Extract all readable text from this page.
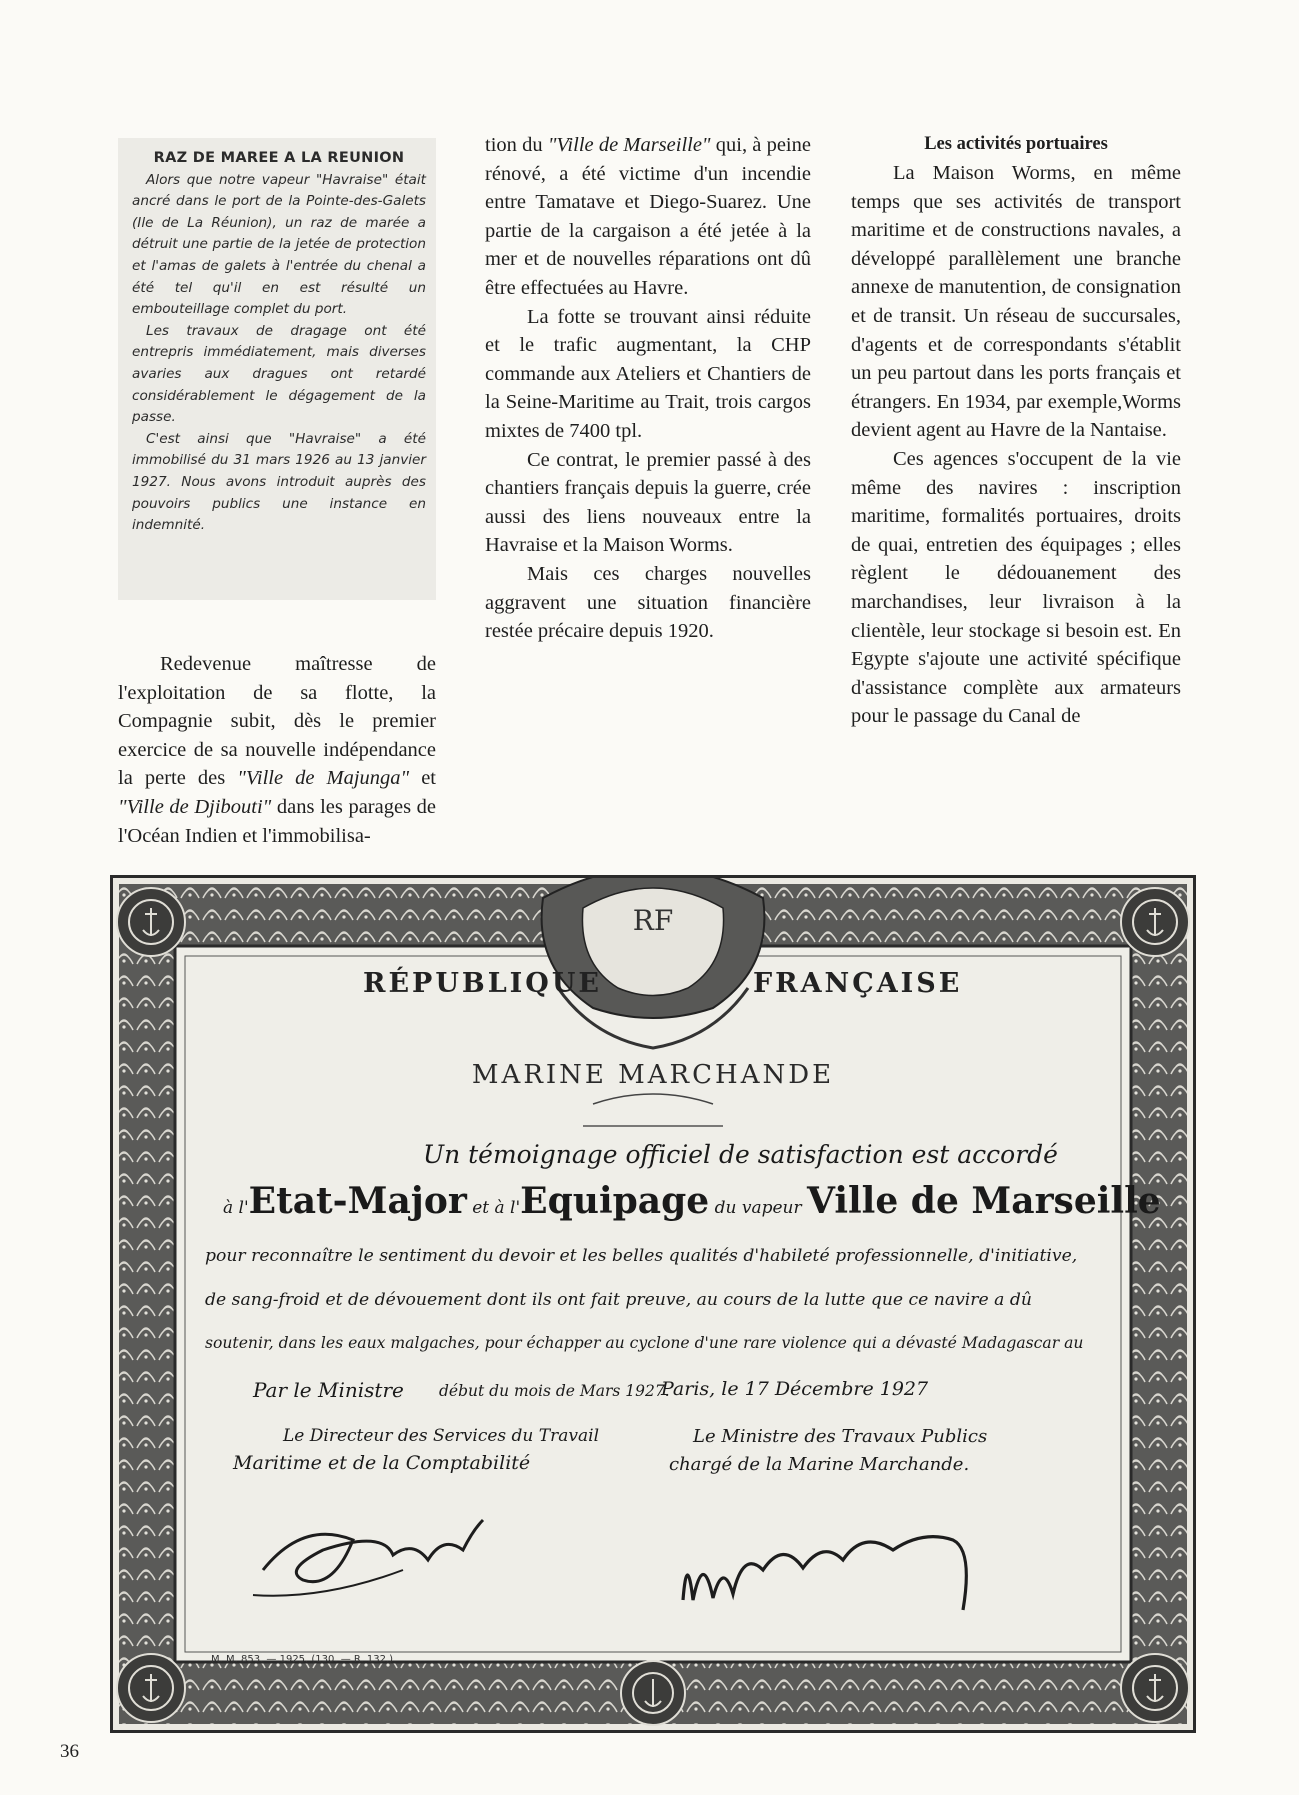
RAZ DE MAREE A LA REUNION

Alors que notre vapeur "Havraise" était ancré dans le port de la Pointe-des-Galets (Ile de La Réunion), un raz de marée a détruit une partie de la jetée de protection et l'amas de galets à l'entrée du chenal a été tel qu'il en est résulté un embouteillage complet du port.

Les travaux de dragage ont été entrepris immédiatement, mais diverses avaries aux dragues ont retardé considérablement le dégagement de la passe.

C'est ainsi que "Havraise" a été immobilisé du 31 mars 1926 au 13 janvier 1927. Nous avons introduit auprès des pouvoirs publics une instance en indemnité.

Redevenue maîtresse de l'exploitation de sa flotte, la Compagnie subit, dès le premier exercice de sa nouvelle indépendance la perte des "Ville de Majunga" et "Ville de Djibouti" dans les parages de l'Océan Indien et l'immobilisa-

tion du "Ville de Marseille" qui, à peine rénové, a été victime d'un incendie entre Tamatave et Diego-Suarez. Une partie de la cargaison a été jetée à la mer et de nouvelles réparations ont dû être effectuées au Havre.

La fotte se trouvant ainsi réduite et le trafic augmentant, la CHP commande aux Ateliers et Chantiers de la Seine-Maritime au Trait, trois cargos mixtes de 7400 tpl.

Ce contrat, le premier passé à des chantiers français depuis la guerre, crée aussi des liens nouveaux entre la Havraise et la Maison Worms.

Mais ces charges nouvelles aggravent une situation financière restée précaire depuis 1920.

Les activités portuaires

La Maison Worms, en même temps que ses activités de transport maritime et de constructions navales, a développé parallèlement une branche annexe de manutention, de consignation et de transit. Un réseau de succursales, d'agents et de correspondants s'établit un peu partout dans les ports français et étrangers. En 1934, par exemple,Worms devient agent au Havre de la Nantaise.

Ces agences s'occupent de la vie même des navires : inscription maritime, formalités portuaires, droits de quai, entretien des équipages ; elles règlent le dédouanement des marchandises, leur livraison à la clientèle, leur stockage si besoin est. En Egypte s'ajoute une activité spécifique d'assistance complète aux armateurs pour le passage du Canal de

RF
RÉPUBLIQUE	FRANÇAISE
MARINE MARCHANDE
Un témoignage officiel de satisfaction est accordé
à l'Etat-Major et à l'Equipage du vapeur Ville de Marseille
pour reconnaître le sentiment du devoir et les belles qualités d'habileté professionnelle, d'initiative,
de sang-froid et de dévouement dont ils ont fait preuve, au cours de la lutte que ce navire a dû
soutenir, dans les eaux malgaches, pour échapper au cyclone d'une rare violence qui a dévasté Madagascar au
Par le Ministre début du mois de Mars 1927.
Paris, le 17 Décembre 1927
Le Directeur des Services du Travail
Maritime et de la Comptabilité
Le Ministre des Travaux Publics
chargé de la Marine Marchande.
M. M. 853. — 1925. (130. — R. 132.)
36
